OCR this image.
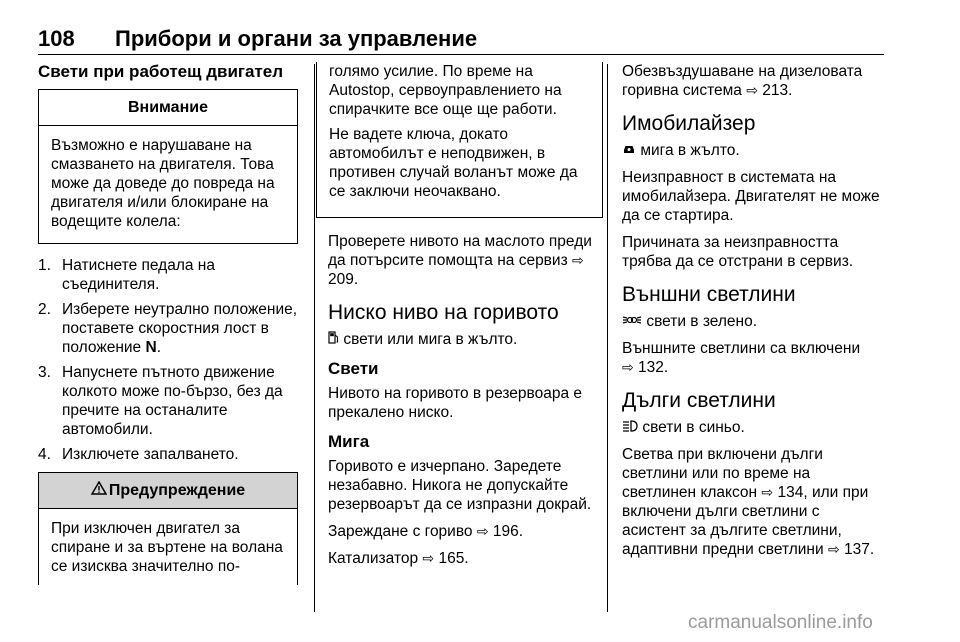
108 Прибори и органи за управление
Свети при работещ двигател
Внимание
Възможно е нарушаване на смазването на двигателя. Това може да доведе до повреда на двигателя и/или блокиране на водещите колела:
1. Натиснете педала на съединителя.
2. Изберете неутрално положение, поставете скоростния лост в положение N.
3. Напуснете пътното движение колкото може по-бързо, без да пречите на останалите автомобили.
4. Изключете запалването.
Предупреждение
При изключен двигател за спиране и за въртене на волана се изисква значително по-

голямо усилие. По време на Autostop, сервоуправлението на спирачките все още ще работи.

Не вадете ключа, докато автомобилът е неподвижен, в противен случай воланът може да се заключи неочаквано.

Проверете нивото на маслото преди да потърсите помощта на сервиз ⇨ 209.

Ниско ниво на горивото

свети или мига в жълто.

Свети

Нивото на горивото в резервоара е прекалено ниско.

Мига

Горивото е изчерпано. Заредете незабавно. Никога не допускайте резервоарът да се изпразни докрай.

Зареждане с гориво ⇨ 196.

Катализатор ⇨ 165.

Обезвъздушаване на дизеловата горивна система ⇨ 213.

Имобилайзер

мига в жълто.

Неизправност в системата на имобилайзера. Двигателят не може да се стартира.

Причината за неизправността трябва да се отстрани в сервиз.

Външни светлини

свети в зелено.

Външните светлини са включени
⇨ 132.

Дълги светлини

свети в синьо.

Светва при включени дълги светлини или по време на светлинен клаксон ⇨ 134, или при включени дълги светлини с асистент за дългите светлини, адаптивни предни светлини ⇨ 137.

carmanualsonline.info
